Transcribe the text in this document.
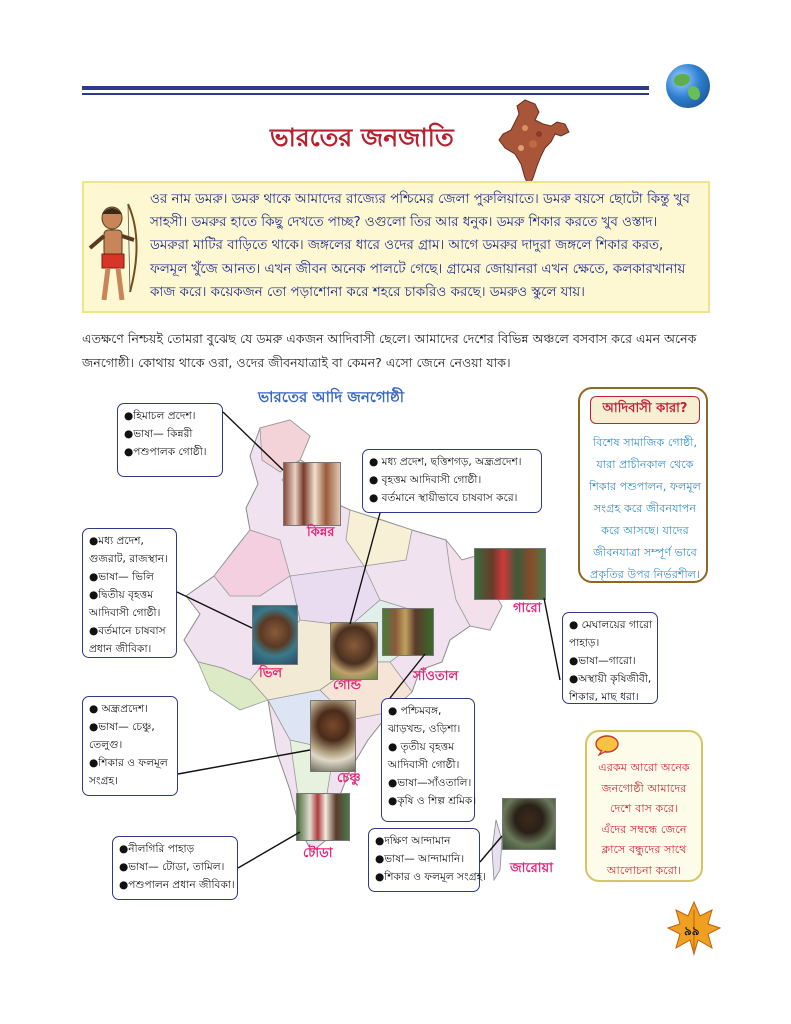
ভারতের জনজাতি
ওর নাম ডমরু। ডমরু থাকে আমাদের রাজ্যের পশ্চিমের জেলা পুরুলিয়াতে। ডমরু বয়সে ছোটো কিন্তু খুব
সাহসী। ডমরুর হাতে কিছু দেখতে পাচ্ছ? ওগুলো তির আর ধনুক। ডমরু শিকার করতে খুব ওস্তাদ।
ডমরুরা মাটির বাড়িতে থাকে। জঙ্গলের ধারে ওদের গ্রাম। আগে ডমরুর দাদুরা জঙ্গলে শিকার করত,
ফলমূল খুঁজে আনত। এখন জীবন অনেক পালটে গেছে। গ্রামের জোয়ানরা এখন ক্ষেতে, কলকারখানায়
কাজ করে। কয়েকজন তো পড়াশোনা করে শহরে চাকরিও করছে। ডমরুও স্কুলে যায়।
এতক্ষণে নিশ্চয়ই তোমরা বুঝেছ যে ডমরু একজন আদিবাসী ছেলে। আমাদের দেশের বিভিন্ন অঞ্চলে বসবাস করে এমন অনেক
জনগোষ্ঠী। কোথায় থাকে ওরা, ওদের জীবনযাত্রাই বা কেমন? এসো জেনে নেওয়া যাক।
ভারতের আদি জনগোষ্ঠী
●হিমাচল প্রদেশ।
●ভাষা— কিন্নরী
●পশুপালক গোষ্ঠী।
কিন্নর
● মধ্য প্রদেশ, ছত্তিশগড়, অন্ধ্রপ্রদেশ।
● বৃহত্তম আদিবাসী গোষ্ঠী।
● বর্তমানে স্থায়ীভাবে চাষবাস করে।
গোন্ড
●মধ্য প্রদেশ,
গুজরাট, রাজস্থান।
●ভাষা— ভিলি
●দ্বিতীয় বৃহত্তম
আদিবাসী গোষ্ঠী।
●বর্তমানে চাষবাস
প্রধান জীবিকা।
ভিল
● মেঘালয়ের গারো
পাহাড়।
●ভাষা—গারো।
●অস্থায়ী কৃষিজীবী,
শিকার, মাছ ধরা।
গারো
● পশ্চিমবঙ্গ,
ঝাড়খন্ড, ওড়িশা।
● তৃতীয় বৃহত্তম
আদিবাসী গোষ্ঠী।
●ভাষা—সাঁওতালি।
●কৃষি ও শিল্প শ্রমিক।
সাঁওতাল
● অন্ধ্রপ্রদেশ।
●ভাষা— চেঞ্চু,
তেলুগু।
●শিকার ও ফলমূল
সংগ্রহ।	চেঞ্চু
●নীলগিরি পাহাড়
●ভাষা— টোডা, তামিল।
●পশুপালন প্রধান জীবিকা।
টোডা
●দক্ষিণ আন্দামান
●ভাষা— আন্দামানি।
●শিকার ও ফলমূল সংগ্রহ।
জারোয়া
আদিবাসী কারা?
বিশেষ সামাজিক গোষ্ঠী,
যারা প্রাচীনকাল থেকে
শিকার পশুপালন, ফলমূল
সংগ্রহ করে জীবনযাপন
করে আসছে। যাদের
জীবনযাত্রা সম্পূর্ণ ভাবে
প্রকৃতির উপর নির্ভরশীল।
এরকম আরো অনেক
জনগোষ্ঠী আমাদের
দেশে বাস করে।
এঁদের সম্বন্ধে জেনে
ক্লাসে বন্ধুদের সাথে
আলোচনা করো।
৯৯
